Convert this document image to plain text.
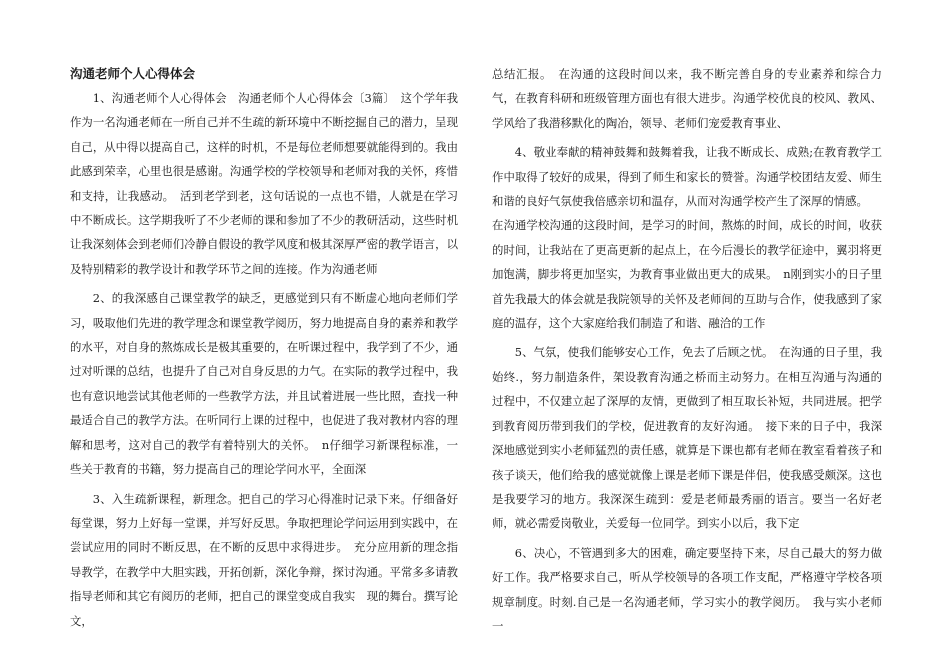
沟通老师个人心得体会

1、沟通老师个人心得体会　沟通老师个人心得体会〔3篇〕　这个学年我作为一名沟通老师在一所自己并不生疏的新环境中不断挖掘自己的潜力，呈现自己，从中得以提高自己，这样的时机，不是每位老师想要就能得到的。我由此感到荣幸，心里也很是感谢。沟通学校的学校领导和老师对我的关怀，疼惜和支持，让我感动。　活到老学到老，这句话说的一点也不错，人就是在学习中不断成长。这学期我听了不少老师的课和参加了不少的教研活动，这些时机让我深刻体会到老师们冷静自假设的教学风度和极其深厚严密的教学语言，以及特别精彩的教学设计和教学环节之间的连接。作为沟通老师

2、的我深感自己课堂教学的缺乏，更感觉到只有不断虚心地向老师们学习，吸取他们先进的教学理念和课堂教学阅历，努力地提高自身的素养和教学的水平，对自身的熬炼成长是极其重要的，在听课过程中，我学到了不少，通过对听课的总结，也提升了自己对自身反思的力气。在实际的教学过程中，我也有意识地尝试其他老师的一些教学方法，并且试着进展一些比照，查找一种最适合自己的教学方法。在听同行上课的过程中，也促进了我对教材内容的理解和思考，这对自己的教学有着特别大的关怀。　n仔细学习新课程标准，一些关于教育的书籍，努力提高自己的理论学问水平，全面深

3、入生疏新课程，新理念。把自己的学习心得准时记录下来。仔细备好每堂课，努力上好每一堂课，并写好反思。争取把理论学问运用到实践中，在尝试应用的同时不断反思，在不断的反思中求得进步。　充分应用新的理念指导教学，在教学中大胆实践，开拓创新，深化争辩，探讨沟通。平常多多请教指导老师和其它有阅历的老师，把自己的课堂变成自我实　现的舞台。撰写论文，

总结汇报。　在沟通的这段时间以来，我不断完善自身的专业素养和综合力气，在教育科研和班级管理方面也有很大进步。沟通学校优良的校风、教风、学风给了我潜移默化的陶冶，领导、老师们宠爱教育事业、

4、敬业奉献的精神鼓舞和鼓舞着我，让我不断成长、成熟;在教育教学工作中取得了较好的成果，得到了师生和家长的赞誉。沟通学校团结友爱、师生和谐的良好气氛使我倍感亲切和温存，从而对沟通学校产生了深厚的情感。

在沟通学校沟通的这段时间，是学习的时间，熬炼的时间，成长的时间，收获的时间，让我站在了更高更新的起点上，在今后漫长的教学征途中，翼羽将更加饱满，脚步将更加坚实，为教育事业做出更大的成果。　n刚到实小的日子里首先我最大的体会就是我院领导的关怀及老师间的互助与合作，使我感到了家庭的温存，这个大家庭给我们制造了和谐、融洽的工作

5、气氛，使我们能够安心工作，免去了后顾之忧。　在沟通的日子里，我始终.，努力制造条件，架设教育沟通之桥而主动努力。在相互沟通与沟通的过程中，不仅建立起了深厚的友情，更做到了相互取长补短，共同进展。把学到教育阅历带到我们的学校，促进教育的友好沟通。　接下来的日子中，我深深地感觉到实小老师猛烈的责任感，就算是下课也都有老师在教室看着孩子和孩子谈天，他们给我的感觉就像上课是老师下课是伴侣，使我感受颇深。这也是我要学习的地方。我深深生疏到：爱是老师最秀丽的语言。要当一名好老师，就必需爱岗敬业，关爱每一位同学。到实小以后，我下定

6、决心，不管遇到多大的困难，确定要坚持下来，尽自己最大的努力做好工作。我严格要求自己，听从学校领导的各项工作支配，严格遵守学校各项规章制度。时刻.自己是一名沟通老师，学习实小的教学阅历。　我与实小老师一
